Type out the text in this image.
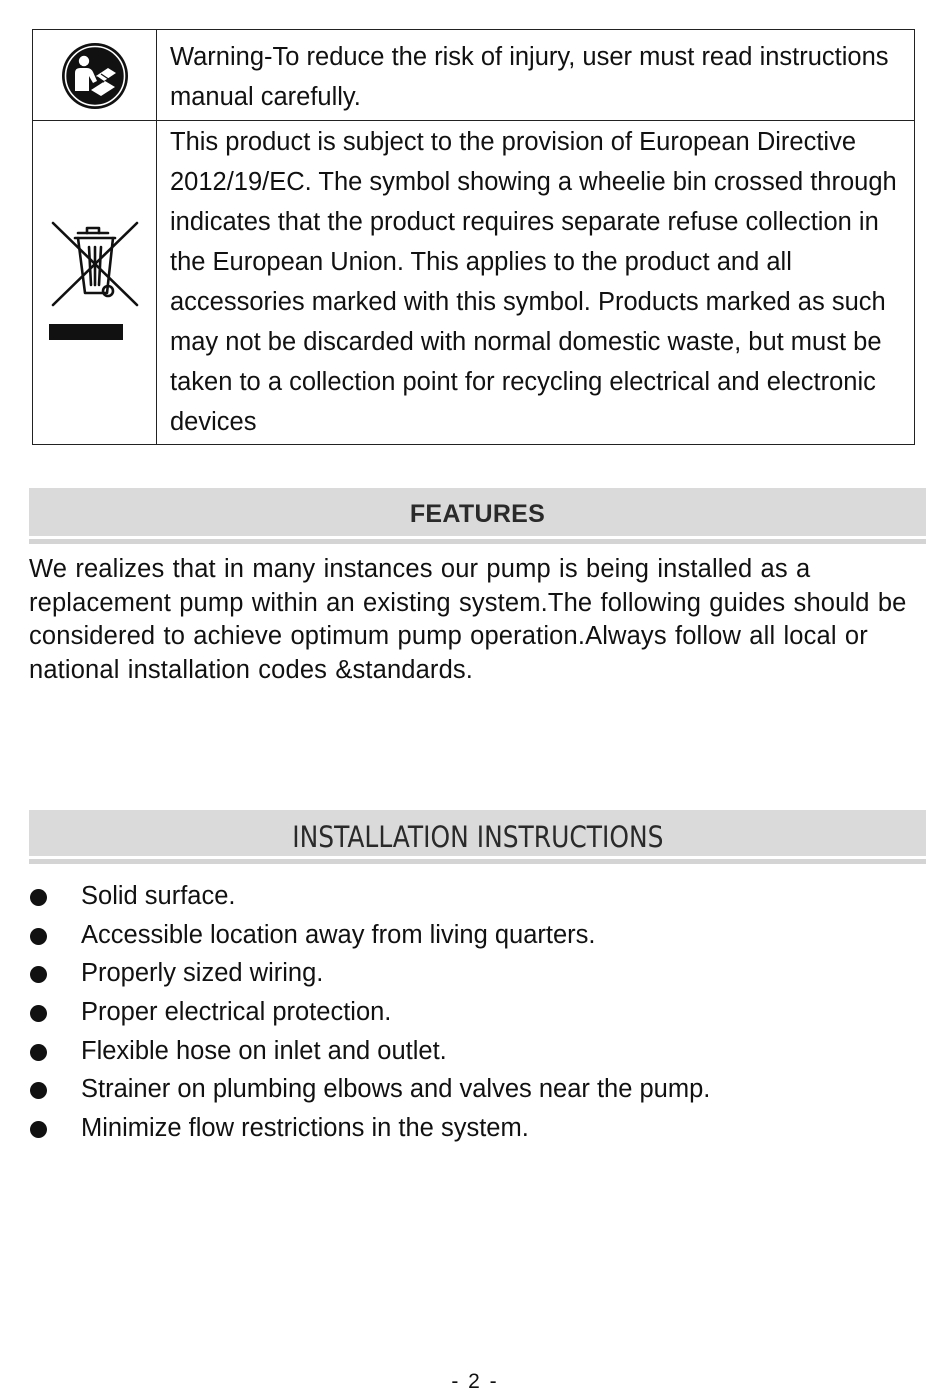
	Warning-To reduce the risk of injury, user must read instructions manual carefully.

	This product is subject to the provision of European Directive 2012/19/EC. The symbol showing a wheelie bin crossed through indicates that the product requires separate refuse collection in the European Union. This applies to the product and all accessories marked with this symbol. Products marked as such may not be discarded with normal domestic waste, but must be taken to a collection point for recycling electrical and electronic devices
FEATURES
We realizes that in many instances our pump is being installed as a replacement pump within an existing system.The following guides should be considered to achieve optimum pump operation.Always follow all local or national installation codes &standards.
INSTALLATION INSTRUCTIONS
Solid surface.
Accessible location away from living quarters.
Properly sized wiring.
Proper electrical protection.
Flexible hose on inlet and outlet.
Strainer on plumbing elbows and valves near the pump.
Minimize flow restrictions in the system.
- 2 -
